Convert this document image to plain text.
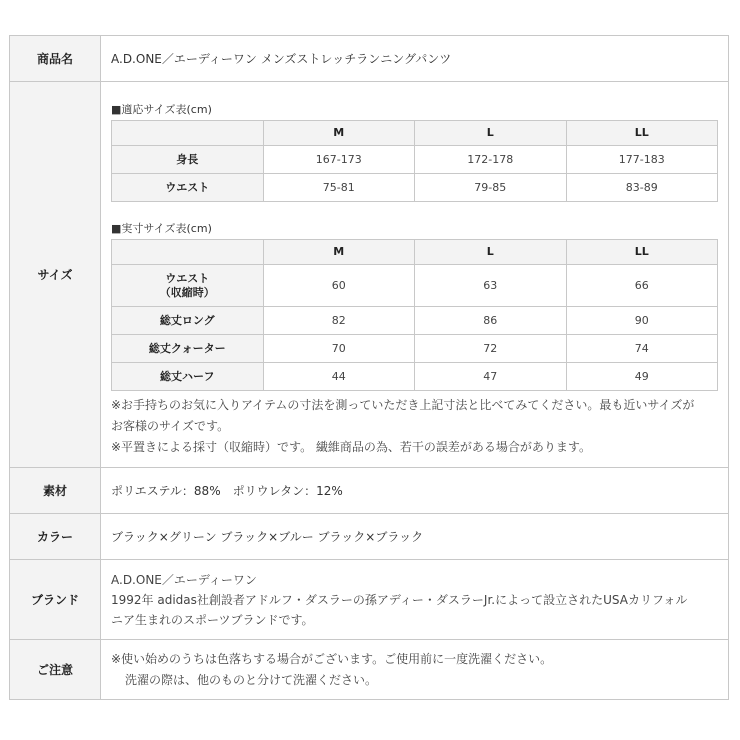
商品名	A.D.ONE／エーディーワン メンズストレッチランニングパンツ
サイズ	
■適応サイズ表(cm)
	M	L	LL
身長	167-173	172-178	177-183
ウエスト	75-81	79-85	83-89
■実寸サイズ表(cm)
	M	L	LL
ウエスト
（収縮時）	60	63	66
総丈ロング	82	86	90
総丈クォーター	70	72	74
総丈ハーフ	44	47	49
※お手持ちのお気に入りアイテムの寸法を測っていただき上記寸法と比べてみてください。最も近いサイズが
お客様のサイズです。
※平置きによる採寸（収縮時）です。 繊維商品の為、若干の誤差がある場合があります。

素材	ポリエステル：88%　ポリウレタン：12%
カラー	ブラック×グリーン ブラック×ブルー ブラック×ブラック
ブランド	
A.D.ONE／エーディーワン
1992年 adidas社創設者アドルフ・ダスラーの孫アディー・ダスラーJr.によって設立されたUSAカリフォル
ニア生まれのスポーツブランドです。

ご注意	
※使い始めのうちは色落ちする場合がございます。ご使用前に一度洗濯ください。
洗濯の際は、他のものと分けて洗濯ください。
